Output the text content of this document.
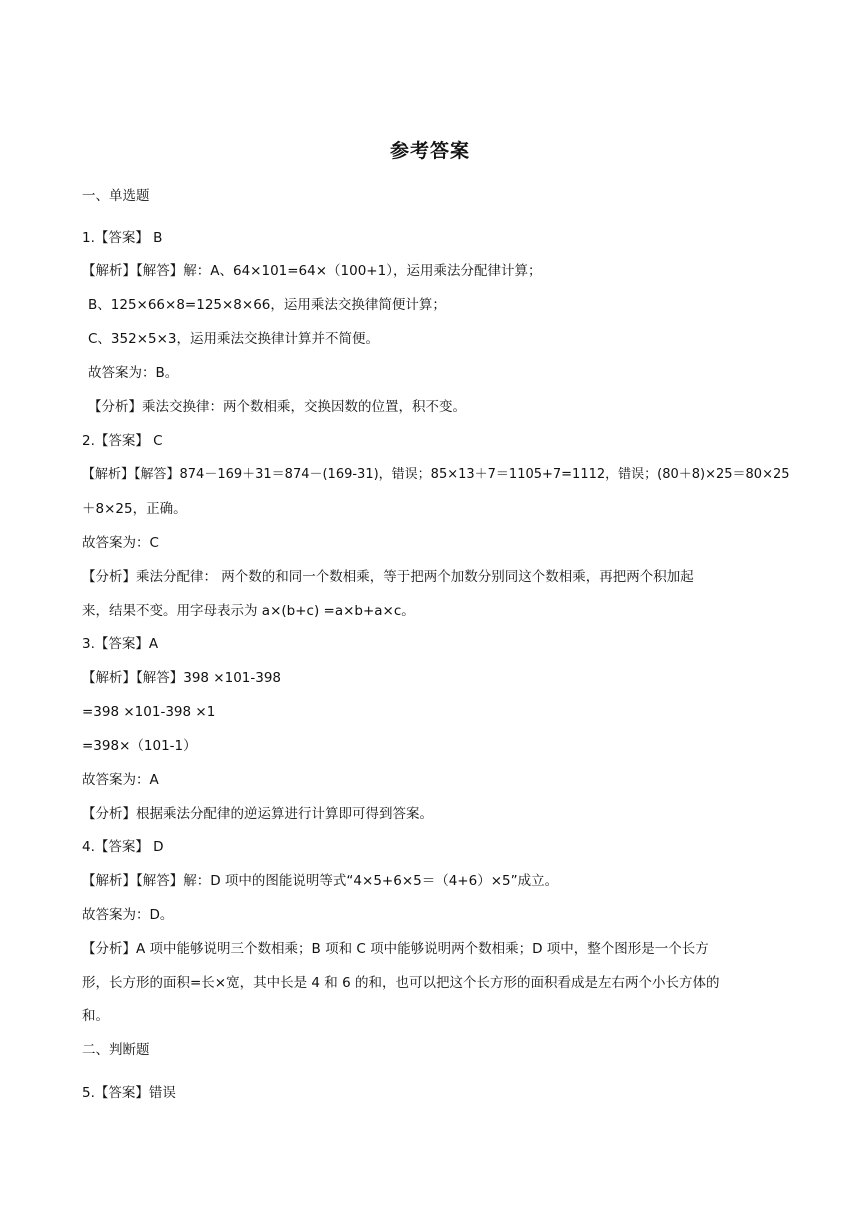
参考答案
一、单选题
1.【答案】 B
【解析】【解答】解：A、64×101=64×（100+1），运用乘法分配律计算；
B、125×66×8=125×8×66，运用乘法交换律简便计算；
C、352×5×3，运用乘法交换律计算并不简便。
故答案为：B。
【分析】乘法交换律：两个数相乘，交换因数的位置，积不变。
2.【答案】 C
【解析】【解答】874－169＋31＝874－(169-31)，错误；85×13＋7＝1105+7=1112，错误；(80＋8)×25＝80×25
＋8×25，正确。
故答案为：C
【分析】乘法分配律： 两个数的和同一个数相乘，等于把两个加数分别同这个数相乘，再把两个积加起
来，结果不变。用字母表示为 a×(b+c) =a×b+a×c。
3.【答案】A
【解析】【解答】398 ×101-398
=398 ×101-398 ×1
=398×（101-1）
故答案为：A
【分析】根据乘法分配律的逆运算进行计算即可得到答案。
4.【答案】 D
【解析】【解答】解：D 项中的图能说明等式“4×5+6×5＝（4+6）×5”成立。
故答案为：D。
【分析】A 项中能够说明三个数相乘；B 项和 C 项中能够说明两个数相乘；D 项中，整个图形是一个长方
形，长方形的面积=长×宽，其中长是 4 和 6 的和，也可以把这个长方形的面积看成是左右两个小长方体的
和。
二、判断题
5.【答案】错误
